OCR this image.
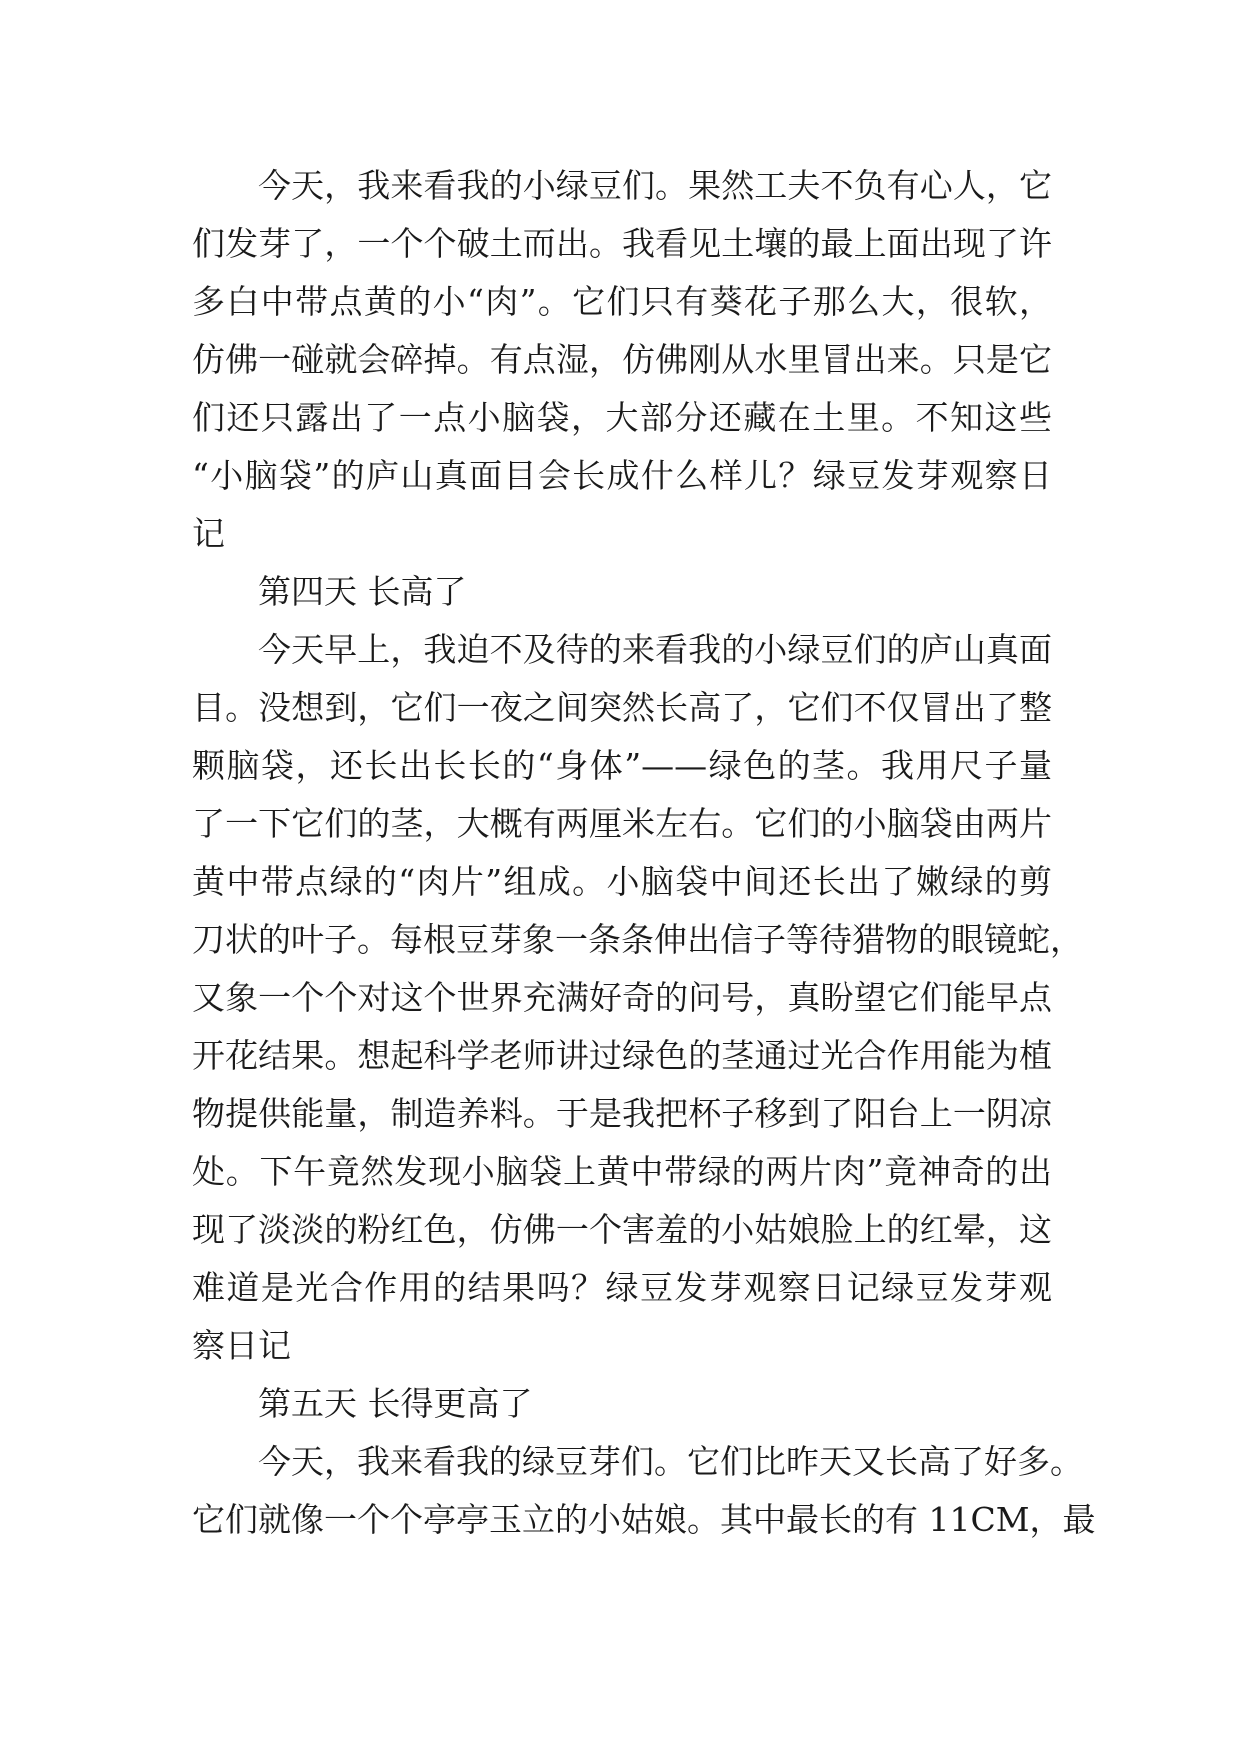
今天，我来看我的小绿豆们。果然工夫不负有心人，它
们发芽了，一个个破土而出。我看见土壤的最上面出现了许
多白中带点黄的小“肉”。它们只有葵花子那么大，很软，
仿佛一碰就会碎掉。有点湿，仿佛刚从水里冒出来。只是它
们还只露出了一点小脑袋，大部分还藏在土里。不知这些
“小脑袋”的庐山真面目会长成什么样儿？绿豆发芽观察日
记
第四天 长高了
今天早上，我迫不及待的来看我的小绿豆们的庐山真面
目。没想到，它们一夜之间突然长高了，它们不仅冒出了整
颗脑袋，还长出长长的“身体”——绿色的茎。我用尺子量
了一下它们的茎，大概有两厘米左右。它们的小脑袋由两片
黄中带点绿的“肉片”组成。小脑袋中间还长出了嫩绿的剪
刀状的叶子。每根豆芽象一条条伸出信子等待猎物的眼镜蛇，
又象一个个对这个世界充满好奇的问号，真盼望它们能早点
开花结果。想起科学老师讲过绿色的茎通过光合作用能为植
物提供能量，制造养料。于是我把杯子移到了阳台上一阴凉
处。下午竟然发现小脑袋上黄中带绿的两片肉”竟神奇的出
现了淡淡的粉红色，仿佛一个害羞的小姑娘脸上的红晕，这
难道是光合作用的结果吗？绿豆发芽观察日记绿豆发芽观
察日记
第五天 长得更高了
今天，我来看我的绿豆芽们。它们比昨天又长高了好多。
它们就像一个个亭亭玉立的小姑娘。其中最长的有 11CM，最
